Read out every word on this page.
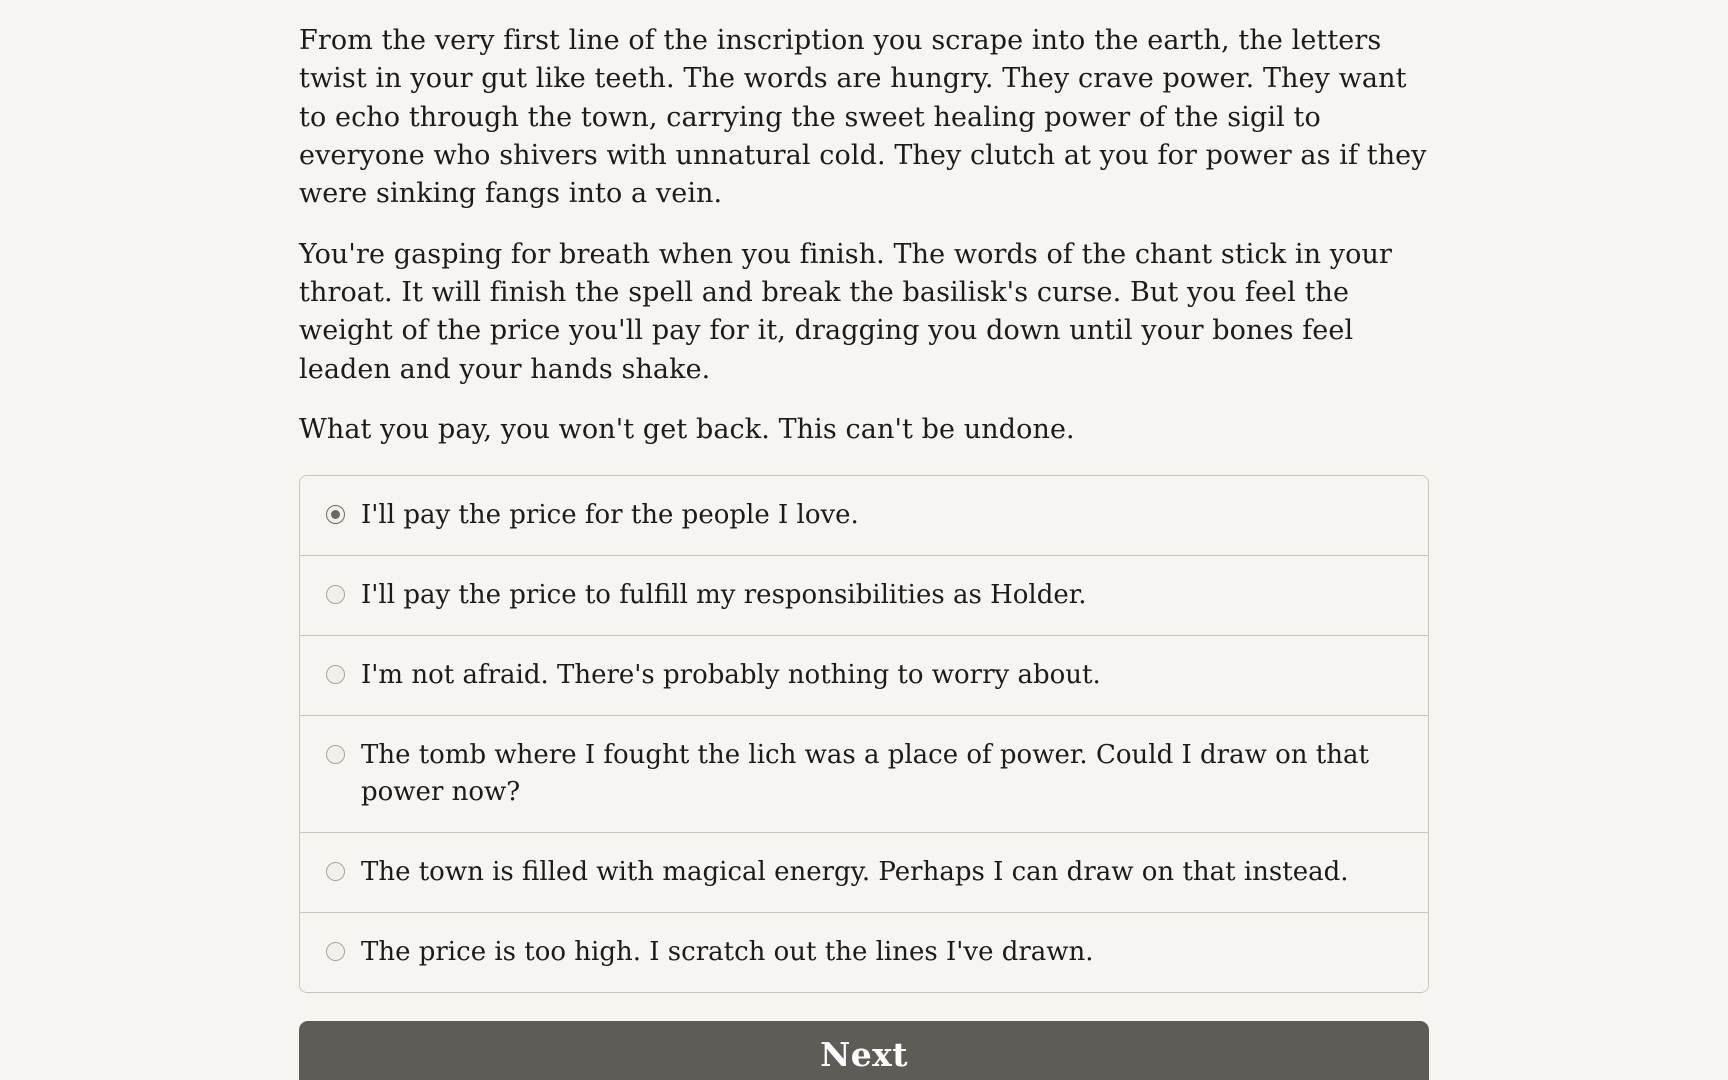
From the very first line of the inscription you scrape into the earth, the letters twist in your gut like teeth. The words are hungry. They crave power. They want to echo through the town, carrying the sweet healing power of the sigil to everyone who shivers with unnatural cold. They clutch at you for power as if they were sinking fangs into a vein.

You're gasping for breath when you finish. The words of the chant stick in your throat. It will finish the spell and break the basilisk's curse. But you feel the weight of the price you'll pay for it, dragging you down until your bones feel leaden and your hands shake.

What you pay, you won't get back. This can't be undone.

I'll pay the price for the people I love.
I'll pay the price to fulfill my responsibilities as Holder.
I'm not afraid. There's probably nothing to worry about.
The tomb where I fought the lich was a place of power. Could I draw on that power now?
The town is filled with magical energy. Perhaps I can draw on that instead.
The price is too high. I scratch out the lines I've drawn.
Next
